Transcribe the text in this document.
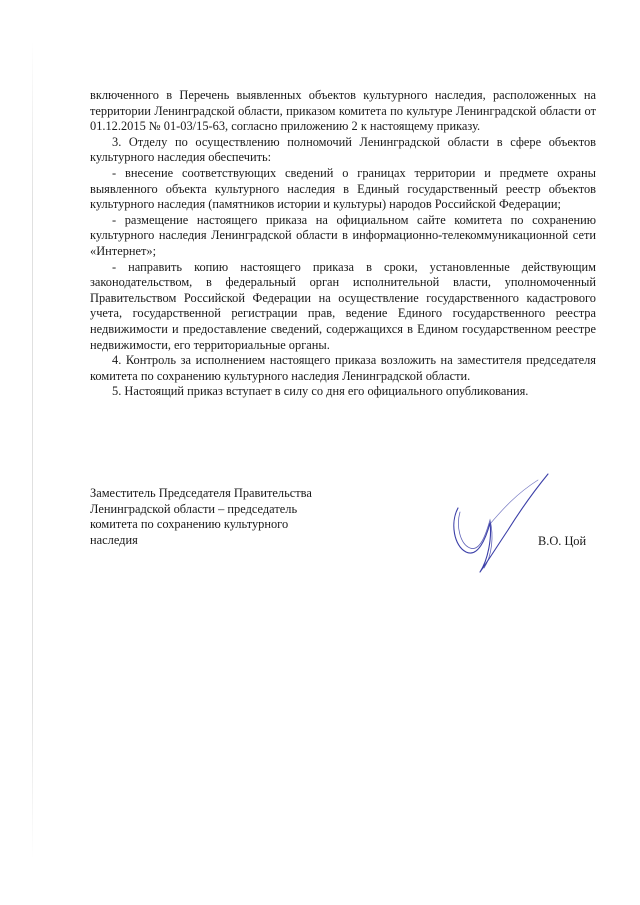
включенного в Перечень выявленных объектов культурного наследия, расположенных на территории Ленинградской области, приказом комитета по культуре Ленинградской области от 01.12.2015 № 01-03/15-63, согласно приложению 2 к настоящему приказу.

3. Отделу по осуществлению полномочий Ленинградской области в сфере объектов культурного наследия обеспечить:

- внесение соответствующих сведений о границах территории и предмете охраны выявленного объекта культурного наследия в Единый государственный реестр объектов культурного наследия (памятников истории и культуры) народов Российской Федерации;

- размещение настоящего приказа на официальном сайте комитета по сохранению культурного наследия Ленинградской области в информационно-телекоммуникационной сети «Интернет»;

- направить копию настоящего приказа в сроки, установленные действующим законодательством, в федеральный орган исполнительной власти, уполномоченный Правительством Российской Федерации на осуществление государственного кадастрового учета, государственной регистрации прав, ведение Единого государственного реестра недвижимости и предоставление сведений, содержащихся в Едином государственном реестре недвижимости, его территориальные органы.

4. Контроль за исполнением настоящего приказа возложить на заместителя председателя комитета по сохранению культурного наследия Ленинградской области.

5. Настоящий приказ вступает в силу со дня его официального опубликования.

Заместитель Председателя Правительства

Ленинградской области – председатель

комитета по сохранению культурного

наследия	В.О. Цой
